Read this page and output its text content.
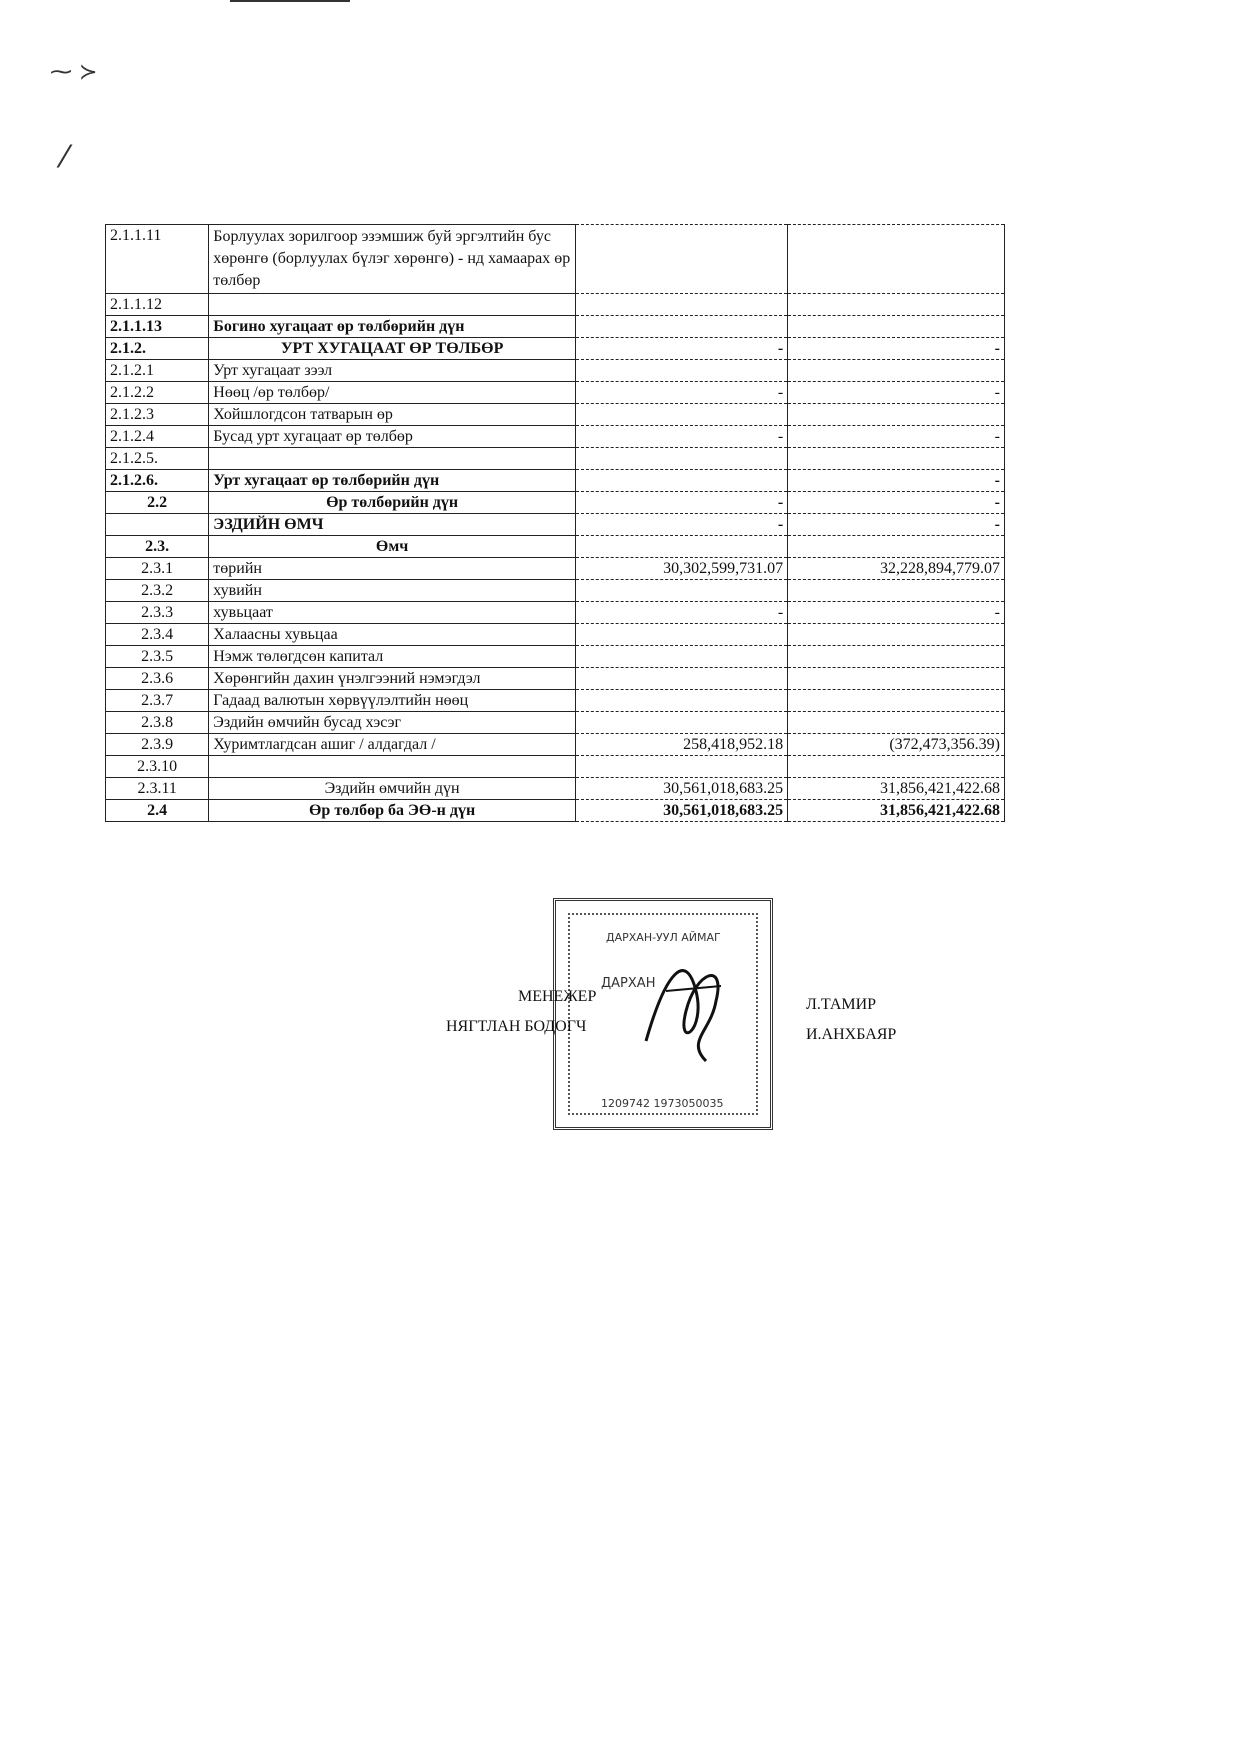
⁓ ≻
⁄
2.1.1.11	Борлуулах зорилгоор эзэмшиж буй эргэлтийн бус хөрөнгө (борлуулах бүлэг хөрөнгө) - нд хамаарах өр төлбөр		
2.1.1.12			
2.1.1.13	Богино хугацаат өр төлбөрийн дүн		
2.1.2.	УРТ ХУГАЦААТ ӨР ТӨЛБӨР	-	-
2.1.2.1	Урт хугацаат зээл		
2.1.2.2	Нөөц /өр төлбөр/	-	-
2.1.2.3	Хойшлогдсон татварын өр		
2.1.2.4	Бусад урт хугацаат өр төлбөр	-	-
2.1.2.5.			
2.1.2.6.	Урт хугацаат өр төлбөрийн дүн		-
2.2	Өр төлбөрийн дүн	-	-
	ЭЗДИЙН ӨМЧ	-	-
2.3.	Өмч		
2.3.1	төрийн	30,302,599,731.07	32,228,894,779.07
2.3.2	хувийн		
2.3.3	хувьцаат	-	-
2.3.4	Халаасны хувьцаа		
2.3.5	Нэмж төлөгдсөн капитал		
2.3.6	Хөрөнгийн дахин үнэлгээний нэмэгдэл		
2.3.7	Гадаад валютын хөрвүүлэлтийн нөөц		
2.3.8	Эздийн өмчийн бусад хэсэг		
2.3.9	Хуримтлагдсан ашиг / алдагдал /	258,418,952.18	(372,473,356.39)
2.3.10			
2.3.11	Эздийн өмчийн дүн	30,561,018,683.25	31,856,421,422.68
2.4	Өр төлбөр ба ЭӨ-н дүн	30,561,018,683.25	31,856,421,422.68
ДАРХАН-УУЛ АЙМАГ
ДАРХАН
1209742 1973050035
МЕНЕЖЕР	Л.ТАМИР
НЯГТЛАН БОДОГЧ	И.АНХБАЯР
